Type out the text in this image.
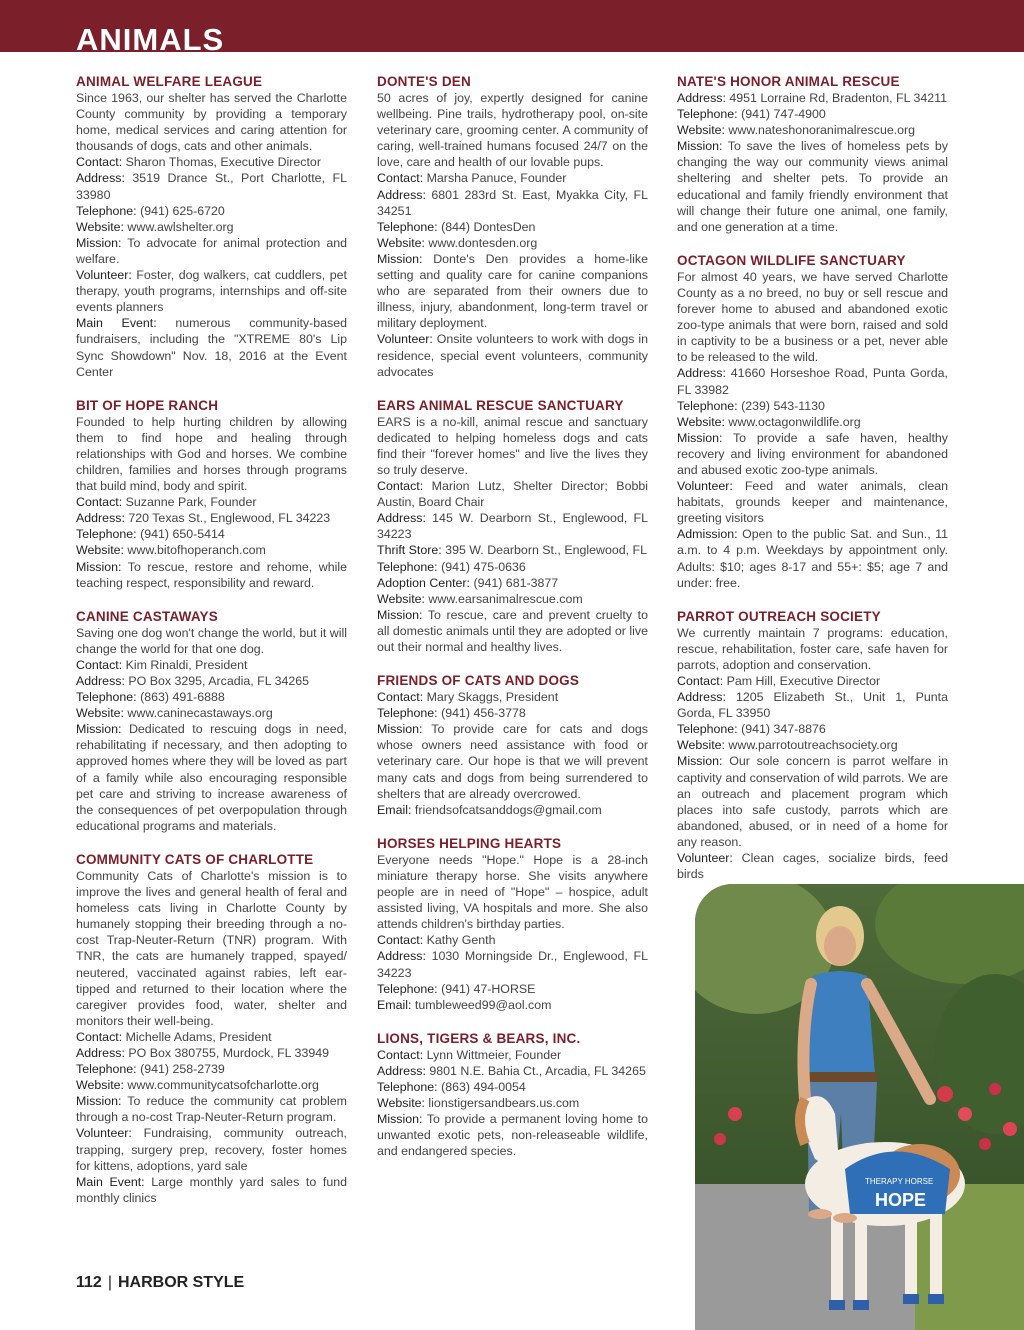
ANIMALS
ANIMAL WELFARE LEAGUE

Since 1963, our shelter has served the Charlotte County community by providing a temporary home, medical services and caring attention for thousands of dogs, cats and other animals.

Contact: Sharon Thomas, Executive Director

Address: 3519 Drance St., Port Charlotte, FL 33980

Telephone: (941) 625-6720

Website: www.awlshelter.org

Mission: To advocate for animal protection and welfare.

Volunteer: Foster, dog walkers, cat cuddlers, pet therapy, youth programs, internships and off-site events planners

Main Event: numerous community-based fundraisers, including the "XTREME 80's Lip Sync Showdown" Nov. 18, 2016 at the Event Center

BIT OF HOPE RANCH

Founded to help hurting children by allowing them to find hope and healing through relationships with God and horses. We combine children, families and horses through programs that build mind, body and spirit.

Contact: Suzanne Park, Founder

Address: 720 Texas St., Englewood, FL 34223

Telephone: (941) 650-5414

Website: www.bitofhoperanch.com

Mission: To rescue, restore and rehome, while teaching respect, responsibility and reward.

CANINE CASTAWAYS

Saving one dog won't change the world, but it will change the world for that one dog.

Contact: Kim Rinaldi, President

Address: PO Box 3295, Arcadia, FL 34265

Telephone: (863) 491-6888

Website: www.caninecastaways.org

Mission: Dedicated to rescuing dogs in need, rehabilitating if necessary, and then adopting to approved homes where they will be loved as part of a family while also encouraging responsible pet care and striving to increase awareness of the consequences of pet overpopulation through educational programs and materials.

COMMUNITY CATS OF CHARLOTTE

Community Cats of Charlotte's mission is to improve the lives and general health of feral and homeless cats living in Charlotte County by humanely stopping their breeding through a no-cost Trap-Neuter-Return (TNR) program. With TNR, the cats are humanely trapped, spayed/ neutered, vaccinated against rabies, left ear-tipped and returned to their location where the caregiver provides food, water, shelter and monitors their well-being.

Contact: Michelle Adams, President

Address: PO Box 380755, Murdock, FL 33949

Telephone: (941) 258-2739

Website: www.communitycatsofcharlotte.org

Mission: To reduce the community cat problem through a no-cost Trap-Neuter-Return program.

Volunteer: Fundraising, community outreach, trapping, surgery prep, recovery, foster homes for kittens, adoptions, yard sale

Main Event: Large monthly yard sales to fund monthly clinics

DONTE'S DEN

50 acres of joy, expertly designed for canine wellbeing. Pine trails, hydrotherapy pool, on-site veterinary care, grooming center. A community of caring, well-trained humans focused 24/7 on the love, care and health of our lovable pups.

Contact: Marsha Panuce, Founder

Address: 6801 283rd St. East, Myakka City, FL 34251

Telephone: (844) DontesDen

Website: www.dontesden.org

Mission: Donte's Den provides a home-like setting and quality care for canine companions who are separated from their owners due to illness, injury, abandonment, long-term travel or military deployment.

Volunteer: Onsite volunteers to work with dogs in residence, special event volunteers, community advocates

EARS ANIMAL RESCUE SANCTUARY

EARS is a no-kill, animal rescue and sanctuary dedicated to helping homeless dogs and cats find their "forever homes" and live the lives they so truly deserve.

Contact: Marion Lutz, Shelter Director; Bobbi Austin, Board Chair

Address: 145 W. Dearborn St., Englewood, FL 34223

Thrift Store: 395 W. Dearborn St., Englewood, FL

Telephone: (941) 475-0636

Adoption Center: (941) 681-3877

Website: www.earsanimalrescue.com

Mission: To rescue, care and prevent cruelty to all domestic animals until they are adopted or live out their normal and healthy lives.

FRIENDS OF CATS AND DOGS

Contact: Mary Skaggs, President

Telephone: (941) 456-3778

Mission: To provide care for cats and dogs whose owners need assistance with food or veterinary care. Our hope is that we will prevent many cats and dogs from being surrendered to shelters that are already overcrowed.

Email: friendsofcatsanddogs@gmail.com

HORSES HELPING HEARTS

Everyone needs "Hope." Hope is a 28-inch miniature therapy horse. She visits anywhere people are in need of "Hope" – hospice, adult assisted living, VA hospitals and more. She also attends children's birthday parties.

Contact: Kathy Genth

Address: 1030 Morningside Dr., Englewood, FL 34223

Telephone: (941) 47-HORSE

Email: tumbleweed99@aol.com

LIONS, TIGERS & BEARS, INC.

Contact: Lynn Wittmeier, Founder

Address: 9801 N.E. Bahia Ct., Arcadia, FL 34265

Telephone: (863) 494-0054

Website: lionstigersandbears.us.com

Mission: To provide a permanent loving home to unwanted exotic pets, non-releaseable wildlife, and endangered species.

NATE'S HONOR ANIMAL RESCUE

Address: 4951 Lorraine Rd, Bradenton, FL 34211

Telephone: (941) 747-4900

Website: www.nateshonoranimalrescue.org

Mission: To save the lives of homeless pets by changing the way our community views animal sheltering and shelter pets. To provide an educational and family friendly environment that will change their future one animal, one family, and one generation at a time.

OCTAGON WILDLIFE SANCTUARY

For almost 40 years, we have served Charlotte County as a no breed, no buy or sell rescue and forever home to abused and abandoned exotic zoo-type animals that were born, raised and sold in captivity to be a business or a pet, never able to be released to the wild.

Address: 41660 Horseshoe Road, Punta Gorda, FL 33982

Telephone: (239) 543-1130

Website: www.octagonwildlife.org

Mission: To provide a safe haven, healthy recovery and living environment for abandoned and abused exotic zoo-type animals.

Volunteer: Feed and water animals, clean habitats, grounds keeper and maintenance, greeting visitors

Admission: Open to the public Sat. and Sun., 11 a.m. to 4 p.m. Weekdays by appointment only. Adults: $10; ages 8-17 and 55+: $5; age 7 and under: free.

PARROT OUTREACH SOCIETY

We currently maintain 7 programs: education, rescue, rehabilitation, foster care, safe haven for parrots, adoption and conservation.

Contact: Pam Hill, Executive Director

Address: 1205 Elizabeth St., Unit 1, Punta Gorda, FL 33950

Telephone: (941) 347-8876

Website: www.parrotoutreachsociety.org

Mission: Our sole concern is parrot welfare in captivity and conservation of wild parrots. We are an outreach and placement program which places into safe custody, parrots which are abandoned, abused, or in need of a home for any reason.

Volunteer: Clean cages, socialize birds, feed birds

THERAPY HORSE
HOPE
112 | HARBOR STYLE
